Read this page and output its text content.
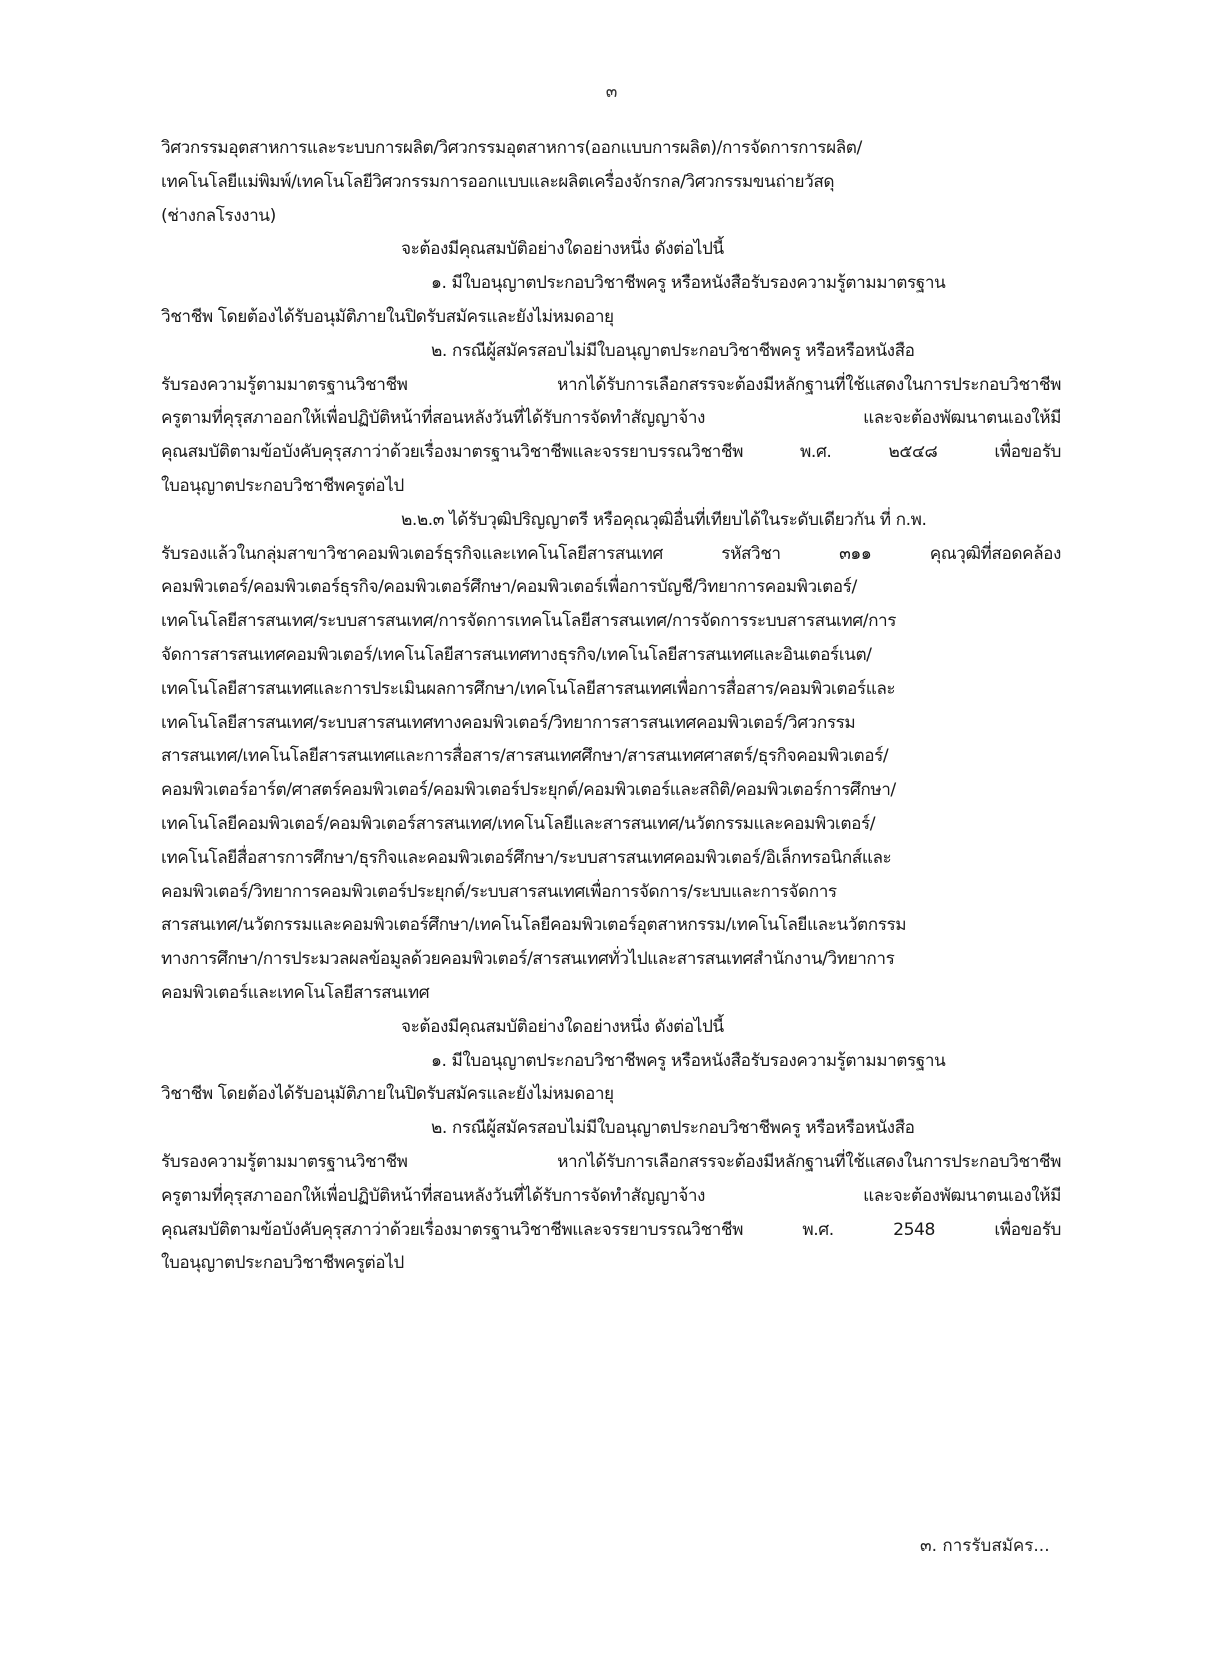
๓
วิศวกรรมอุตสาหการและระบบการผลิต/วิศวกรรมอุตสาหการ(ออกแบบการผลิต)/การจัดการการผลิต/
เทคโนโลยีแม่พิมพ์/เทคโนโลยีวิศวกรรมการออกแบบและผลิตเครื่องจักรกล/วิศวกรรมขนถ่ายวัสดุ
(ช่างกลโรงงาน)
จะต้องมีคุณสมบัติอย่างใดอย่างหนึ่ง ดังต่อไปนี้
๑. มีใบอนุญาตประกอบวิชาชีพครู หรือหนังสือรับรองความรู้ตามมาตรฐาน
วิชาชีพ โดยต้องได้รับอนุมัติภายในปิดรับสมัครและยังไม่หมดอายุ
๒. กรณีผู้สมัครสอบไม่มีใบอนุญาตประกอบวิชาชีพครู หรือหรือหนังสือ
รับรองความรู้ตามมาตรฐานวิชาชีพ หากได้รับการเลือกสรรจะต้องมีหลักฐานที่ใช้แสดงในการประกอบวิชาชีพ
ครูตามที่คุรุสภาออกให้เพื่อปฏิบัติหน้าที่สอนหลังวันที่ได้รับการจัดทำสัญญาจ้าง และจะต้องพัฒนาตนเองให้มี
คุณสมบัติตามข้อบังคับคุรุสภาว่าด้วยเรื่องมาตรฐานวิชาชีพและจรรยาบรรณวิชาชีพ พ.ศ. ๒๕๔๘ เพื่อขอรับ
ใบอนุญาตประกอบวิชาชีพครูต่อไป
๒.๒.๓ ได้รับวุฒิปริญญาตรี หรือคุณวุฒิอื่นที่เทียบได้ในระดับเดียวกัน ที่ ก.พ.
รับรองแล้วในกลุ่มสาขาวิชาคอมพิวเตอร์ธุรกิจและเทคโนโลยีสารสนเทศ รหัสวิชา ๓๑๑ คุณวุฒิที่สอดคล้อง
คอมพิวเตอร์/คอมพิวเตอร์ธุรกิจ/คอมพิวเตอร์ศึกษา/คอมพิวเตอร์เพื่อการบัญชี/วิทยาการคอมพิวเตอร์/
เทคโนโลยีสารสนเทศ/ระบบสารสนเทศ/การจัดการเทคโนโลยีสารสนเทศ/การจัดการระบบสารสนเทศ/การ
จัดการสารสนเทศคอมพิวเตอร์/เทคโนโลยีสารสนเทศทางธุรกิจ/เทคโนโลยีสารสนเทศและอินเตอร์เนต/
เทคโนโลยีสารสนเทศและการประเมินผลการศึกษา/เทคโนโลยีสารสนเทศเพื่อการสื่อสาร/คอมพิวเตอร์และ
เทคโนโลยีสารสนเทศ/ระบบสารสนเทศทางคอมพิวเตอร์/วิทยาการสารสนเทศคอมพิวเตอร์/วิศวกรรม
สารสนเทศ/เทคโนโลยีสารสนเทศและการสื่อสาร/สารสนเทศศึกษา/สารสนเทศศาสตร์/ธุรกิจคอมพิวเตอร์/
คอมพิวเตอร์อาร์ต/ศาสตร์คอมพิวเตอร์/คอมพิวเตอร์ประยุกต์/คอมพิวเตอร์และสถิติ/คอมพิวเตอร์การศึกษา/
เทคโนโลยีคอมพิวเตอร์/คอมพิวเตอร์สารสนเทศ/เทคโนโลยีและสารสนเทศ/นวัตกรรมและคอมพิวเตอร์/
เทคโนโลยีสื่อสารการศึกษา/ธุรกิจและคอมพิวเตอร์ศึกษา/ระบบสารสนเทศคอมพิวเตอร์/อิเล็กทรอนิกส์และ
คอมพิวเตอร์/วิทยาการคอมพิวเตอร์ประยุกต์/ระบบสารสนเทศเพื่อการจัดการ/ระบบและการจัดการ
สารสนเทศ/นวัตกรรมและคอมพิวเตอร์ศึกษา/เทคโนโลยีคอมพิวเตอร์อุตสาหกรรม/เทคโนโลยีและนวัตกรรม
ทางการศึกษา/การประมวลผลข้อมูลด้วยคอมพิวเตอร์/สารสนเทศทั่วไปและสารสนเทศสำนักงาน/วิทยาการ
คอมพิวเตอร์และเทคโนโลยีสารสนเทศ
จะต้องมีคุณสมบัติอย่างใดอย่างหนึ่ง ดังต่อไปนี้
๑. มีใบอนุญาตประกอบวิชาชีพครู หรือหนังสือรับรองความรู้ตามมาตรฐาน
วิชาชีพ โดยต้องได้รับอนุมัติภายในปิดรับสมัครและยังไม่หมดอายุ
๒. กรณีผู้สมัครสอบไม่มีใบอนุญาตประกอบวิชาชีพครู หรือหรือหนังสือ
รับรองความรู้ตามมาตรฐานวิชาชีพ หากได้รับการเลือกสรรจะต้องมีหลักฐานที่ใช้แสดงในการประกอบวิชาชีพ
ครูตามที่คุรุสภาออกให้เพื่อปฏิบัติหน้าที่สอนหลังวันที่ได้รับการจัดทำสัญญาจ้าง และจะต้องพัฒนาตนเองให้มี
คุณสมบัติตามข้อบังคับคุรุสภาว่าด้วยเรื่องมาตรฐานวิชาชีพและจรรยาบรรณวิชาชีพ พ.ศ. 2548 เพื่อขอรับ
ใบอนุญาตประกอบวิชาชีพครูต่อไป
๓. การรับสมัคร...
